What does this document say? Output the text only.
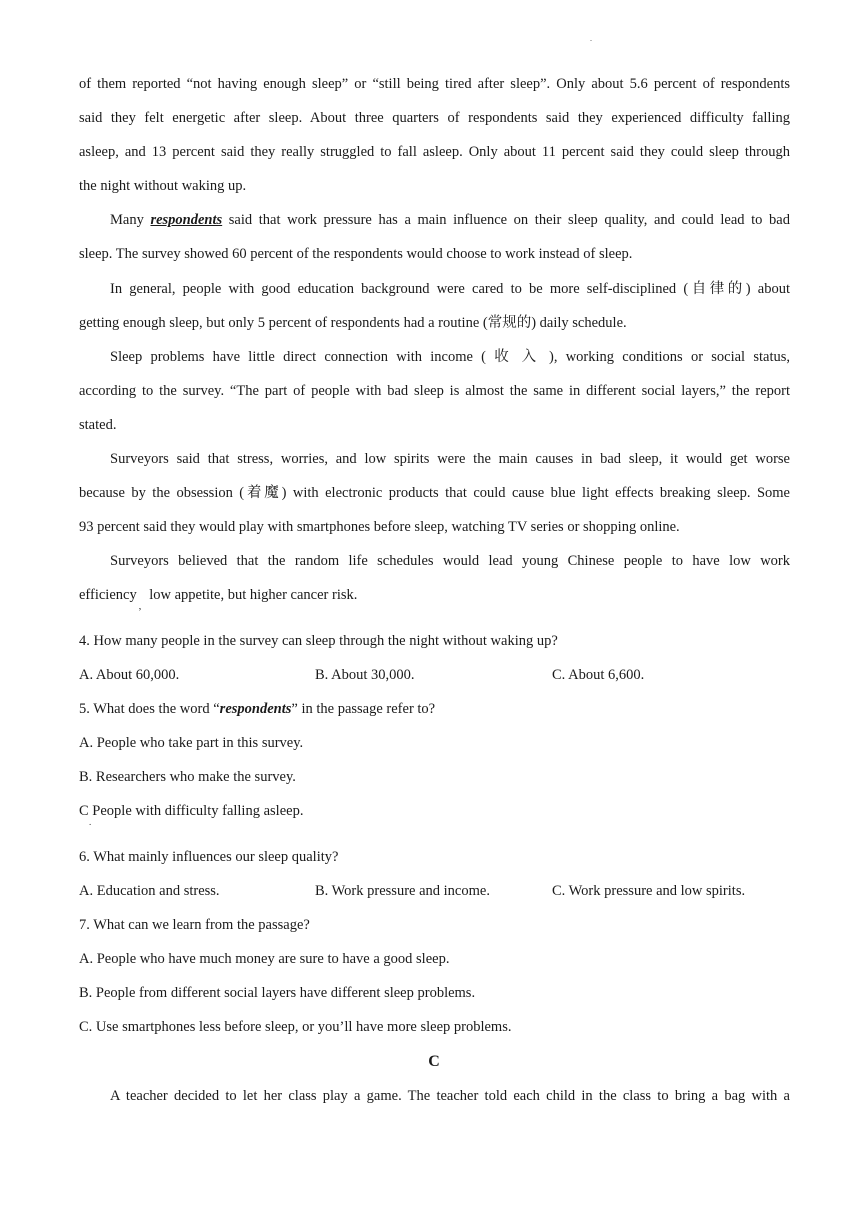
.
of them reported “not having enough sleep” or “still being tired after sleep”. Only about 5.6 percent of respondents
said they felt energetic after sleep. About three quarters of respondents said they experienced difficulty falling
asleep, and 13 percent said they really struggled to fall asleep. Only about 11 percent said they could sleep through
the night without waking up.
Many respondents said that work pressure has a main influence on their sleep quality, and could lead to bad
sleep. The survey showed 60 percent of the respondents would choose to work instead of sleep.
In general, people with good education background were cared to be more self-disciplined (自律的) about
getting enough sleep, but only 5 percent of respondents had a routine (常规的) daily schedule.
Sleep problems have little direct connection with income ( 收 入 ), working conditions or social status,
according to the survey. “The part of people with bad sleep is almost the same in different social layers,” the report
stated.
Surveyors said that stress, worries, and low spirits were the main causes in bad sleep, it would get worse
because by the obsession (着魔) with electronic products that could cause blue light effects breaking sleep. Some
93 percent said they would play with smartphones before sleep, watching TV series or shopping online.
Surveyors believed that the random life schedules would lead young Chinese people to have low work
efficiency$_,$low appetite, but higher cancer risk.
4. How many people in the survey can sleep through the night without waking up?
A. About 60,000.	B. About 30,000.	C. About 6,600.
5. What does the word “respondents” in the passage refer to?
A. People who take part in this survey.
B. Researchers who make the survey.
C People with difficulty falling asleep.
.
6. What mainly influences our sleep quality?
A. Education and stress.	B. Work pressure and income.	C. Work pressure and low spirits.
7. What can we learn from the passage?
A. People who have much money are sure to have a good sleep.
B. People from different social layers have different sleep problems.
C. Use smartphones less before sleep, or you’ll have more sleep problems.
C
A teacher decided to let her class play a game. The teacher told each child in the class to bring a bag with a
